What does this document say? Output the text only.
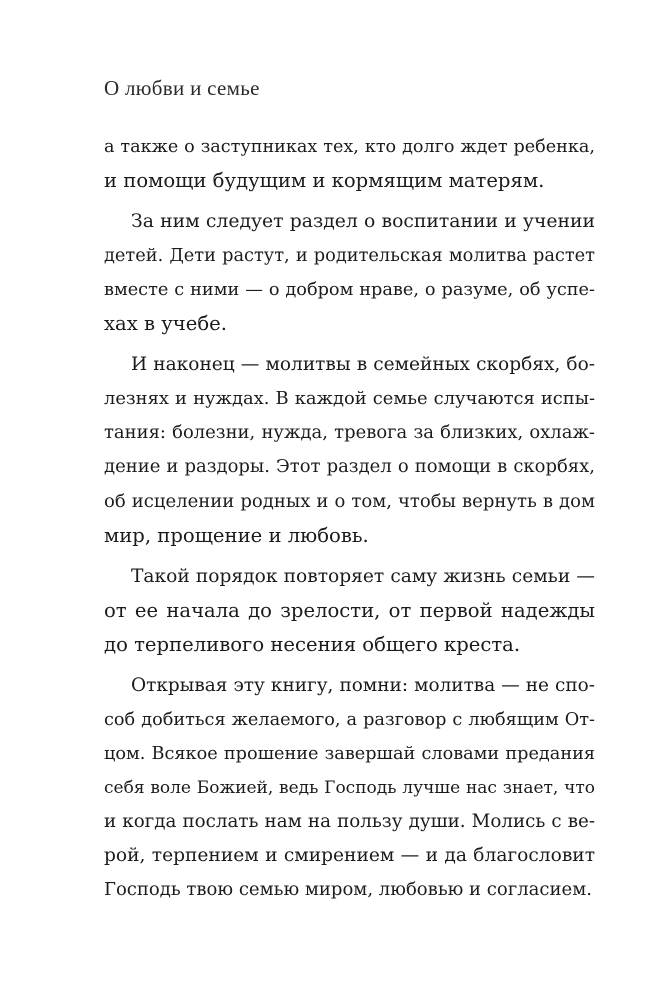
О любви и семье
а также о заступниках тех, кто долго ждет ребенка,
и помощи будущим и кормящим матерям.
За ним следует раздел о воспитании и учении
детей. Дети растут, и родительская молитва растет
вместе с ними — о добром нраве, о разуме, об успе-
хах в учебе.
И наконец — молитвы в семейных скорбях, бо-
лезнях и нуждах. В каждой семье случаются испы-
тания: болезни, нужда, тревога за близких, охлаж-
дение и раздоры. Этот раздел о помощи в скорбях,
об исцелении родных и о том, чтобы вернуть в дом
мир, прощение и любовь.
Такой порядок повторяет саму жизнь семьи —
от ее начала до зрелости, от первой надежды
до терпеливого несения общего креста.
Открывая эту книгу, помни: молитва — не спо-
соб добиться желаемого, а разговор с любящим От-
цом. Всякое прошение завершай словами предания
себя воле Божией, ведь Господь лучше нас знает, что
и когда послать нам на пользу души. Молись с ве-
рой, терпением и смирением — и да благословит
Господь твою семью миром, любовью и согласием.
